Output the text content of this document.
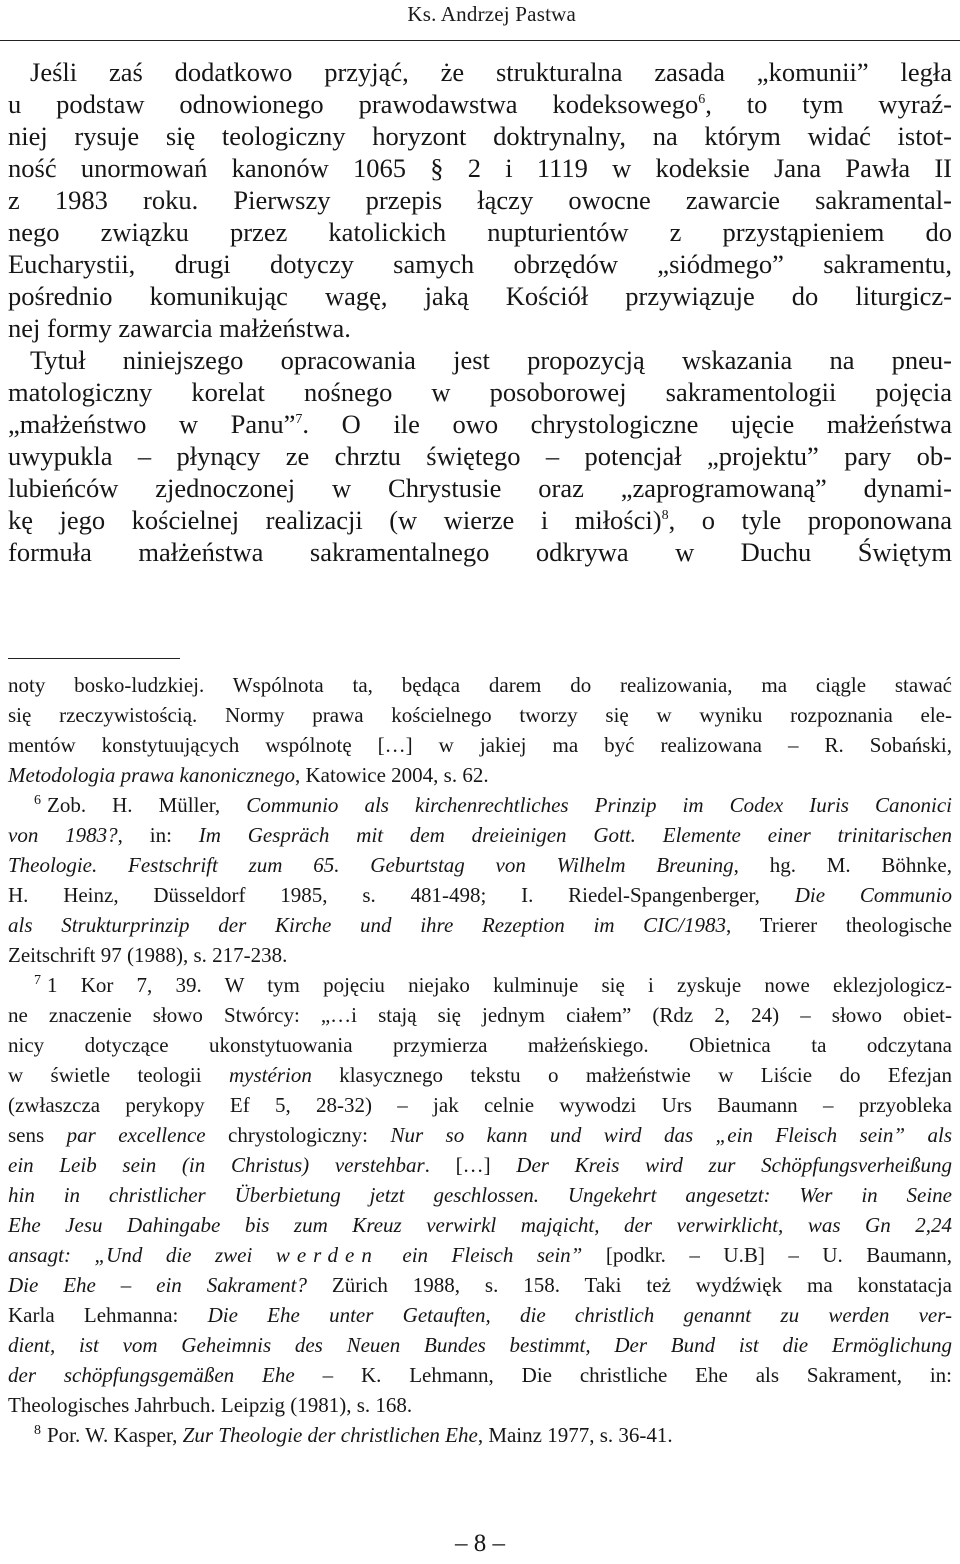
Ks. Andrzej Pastwa

Jeśli zaś dodatkowo przyjąć, że strukturalna zasada „komunii” legła

u podstaw odnowionego prawodawstwa kodeksowego$^6$, to tym wyraź-

niej rysuje się teologiczny horyzont doktrynalny, na którym widać istot-

ność unormowań kanonów 1065 § 2 i 1119 w kodeksie Jana Pawła II

z 1983 roku. Pierwszy przepis łączy owocne zawarcie sakramental-

nego związku przez katolickich nupturientów z przystąpieniem do

Eucharystii, drugi dotyczy samych obrzędów „siódmego” sakramentu,

pośrednio komunikując wagę, jaką Kościół przywiązuje do liturgicz-

nej formy zawarcia małżeństwa.

Tytuł niniejszego opracowania jest propozycją wskazania na pneu-

matologiczny korelat nośnego w posoborowej sakramentologii pojęcia

„małżeństwo w Panu”$^7$. O ile owo chrystologiczne ujęcie małżeństwa

uwypukla – płynący ze chrztu świętego – potencjał „projektu” pary ob-

lubieńców zjednoczonej w Chrystusie oraz „zaprogramowaną” dynami-

kę jego kościelnej realizacji (w wierze i miłości)$^8$, o tyle proponowana

formuła małżeństwa sakramentalnego odkrywa w Duchu Świętym

noty bosko-ludzkiej. Wspólnota ta, będąca darem do realizowania, ma ciągle stawać

się rzeczywistością. Normy prawa kościelnego tworzy się w wyniku rozpoznania ele-

mentów konstytuujących wspólnotę […] w jakiej ma być realizowana – R. Sobański,

Metodologia prawa kanonicznego, Katowice 2004, s. 62.

$^6$ Zob. H. Müller, Communio als kirchenrechtliches Prinzip im Codex Iuris Canonici

von 1983?, in: Im Gespräch mit dem dreieinigen Gott. Elemente einer trinitarischen

Theologie. Festschrift zum 65. Geburtstag von Wilhelm Breuning, hg. M. Böhnke,

H. Heinz, Düsseldorf 1985, s. 481-498; I. Riedel-Spangenberger, Die Communio

als Strukturprinzip der Kirche und ihre Rezeption im CIC/1983, Trierer theologische

Zeitschrift 97 (1988), s. 217-238.

$^7$ 1 Kor 7, 39. W tym pojęciu niejako kulminuje się i zyskuje nowe eklezjologicz-

ne znaczenie słowo Stwórcy: „…i stają się jednym ciałem” (Rdz 2, 24) – słowo obiet-

nicy dotyczące ukonstytuowania przymierza małżeńskiego. Obietnica ta odczytana

w świetle teologii mystérion klasycznego tekstu o małżeństwie w Liście do Efezjan

(zwłaszcza perykopy Ef 5, 28-32) – jak celnie wywodzi Urs Baumann – przyobleka

sens par excellence chrystologiczny: Nur so kann und wird das „ein Fleisch sein” als

ein Leib sein (in Christus) verstehbar. […] Der Kreis wird zur Schöpfungsverheißung

hin in christlicher Überbietung jetzt geschlossen. Ungekehrt angesetzt: Wer in Seine

Ehe Jesu Dahingabe bis zum Kreuz verwirkl mająicht, der verwirklicht, was Gn 2,24

ansagt: „Und die zwei werden ein Fleisch sein” [podkr. – U.B] – U. Baumann,

Die Ehe – ein Sakrament? Zürich 1988, s. 158. Taki też wydźwięk ma konstatacja

Karla Lehmanna: Die Ehe unter Getauften, die christlich genannt zu werden ver-

dient, ist vom Geheimnis des Neuen Bundes bestimmt, Der Bund ist die Ermöglichung

der schöpfungsgemäßen Ehe – K. Lehmann, Die christliche Ehe als Sakrament, in:

Theologisches Jahrbuch. Leipzig (1981), s. 168.

$^8$ Por. W. Kasper, Zur Theologie der christlichen Ehe, Mainz 1977, s. 36-41.

– 8 –
